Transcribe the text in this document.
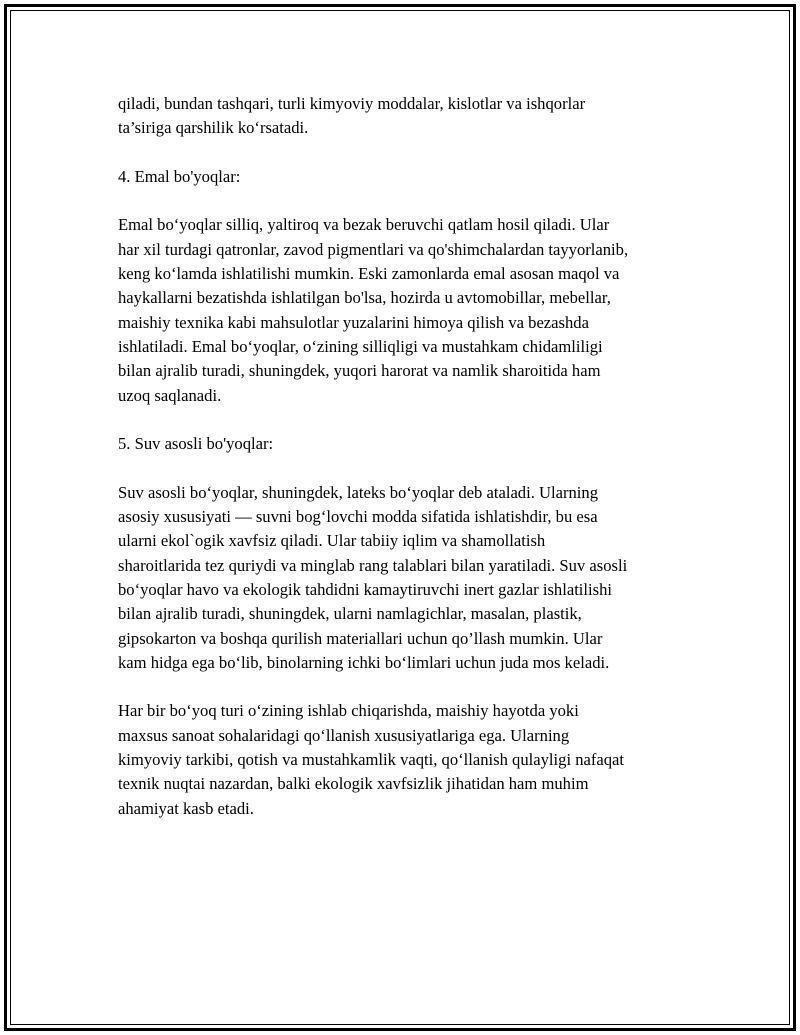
qiladi, bundan tashqari, turli kimyoviy moddalar, kislotlar va ishqorlar
ta’siriga qarshilik ko‘rsatadi.

4. Emal bo'yoqlar:

Emal bo‘yoqlar silliq, yaltiroq va bezak beruvchi qatlam hosil qiladi. Ular
har xil turdagi qatronlar, zavod pigmentlari va qo'shimchalardan tayyorlanib,
keng ko‘lamda ishlatilishi mumkin. Eski zamonlarda emal asosan maqol va
haykallarni bezatishda ishlatilgan bo'lsa, hozirda u avtomobillar, mebellar,
maishiy texnika kabi mahsulotlar yuzalarini himoya qilish va bezashda
ishlatiladi. Emal bo‘yoqlar, o‘zining silliqligi va mustahkam chidamliligi
bilan ajralib turadi, shuningdek, yuqori harorat va namlik sharoitida ham
uzoq saqlanadi.

5. Suv asosli bo'yoqlar:

Suv asosli bo‘yoqlar, shuningdek, lateks bo‘yoqlar deb ataladi. Ularning
asosiy xususiyati — suvni bog‘lovchi modda sifatida ishlatishdir, bu esa
ularni ekol`ogik xavfsiz qiladi. Ular tabiiy iqlim va shamollatish
sharoitlarida tez quriydi va minglab rang talablari bilan yaratiladi. Suv asosli
bo‘yoqlar havo va ekologik tahdidni kamaytiruvchi inert gazlar ishlatilishi
bilan ajralib turadi, shuningdek, ularni namlagichlar, masalan, plastik,
gipsokarton va boshqa qurilish materiallari uchun qo’llash mumkin. Ular
kam hidga ega bo‘lib, binolarning ichki bo‘limlari uchun juda mos keladi.

Har bir bo‘yoq turi o‘zining ishlab chiqarishda, maishiy hayotda yoki
maxsus sanoat sohalaridagi qo‘llanish xususiyatlariga ega. Ularning
kimyoviy tarkibi, qotish va mustahkamlik vaqti, qo‘llanish qulayligi nafaqat
texnik nuqtai nazardan, balki ekologik xavfsizlik jihatidan ham muhim
ahamiyat kasb etadi.
